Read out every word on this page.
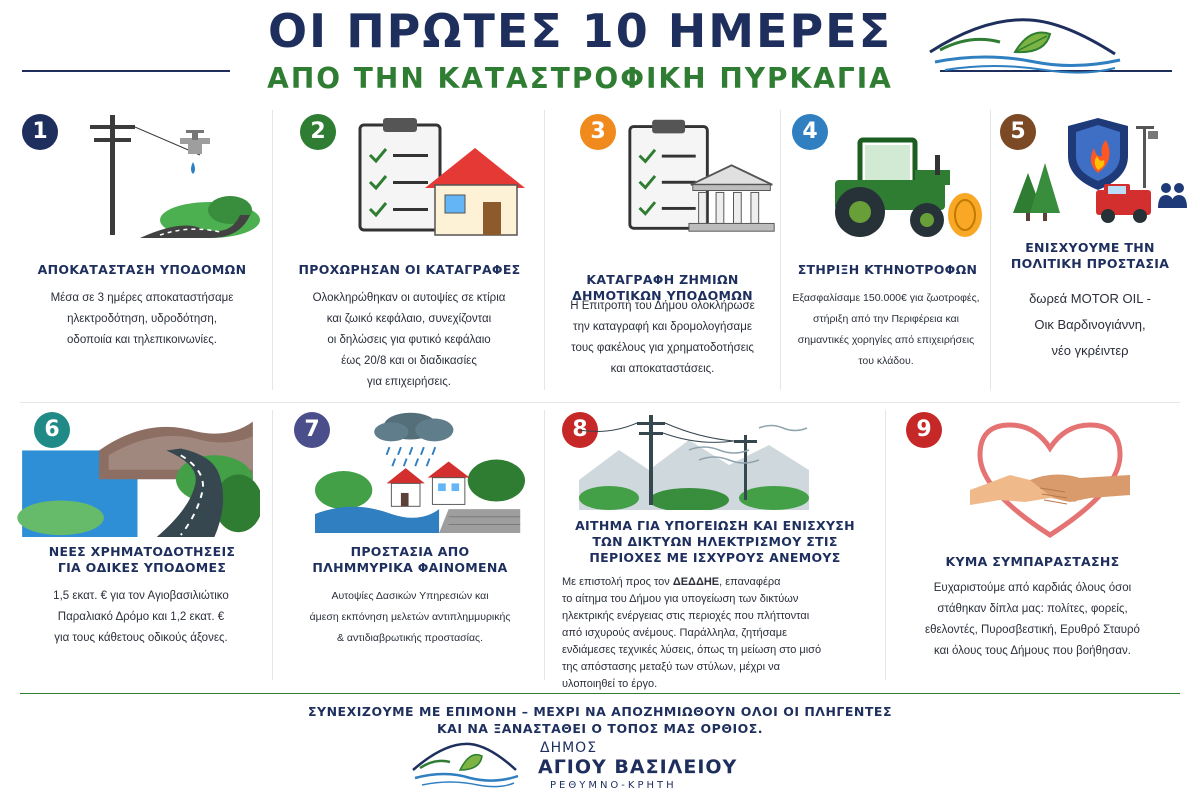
ΟΙ ΠΡΩΤΕΣ 10 ΗΜΕΡΕΣ
ΑΠΟ ΤΗΝ ΚΑΤΑΣΤΡΟΦΙΚΗ ΠΥΡΚΑΓΙΑ
1
ΑΠΟΚΑΤΑΣΤΑΣΗ ΥΠΟΔΟΜΩΝ
Μέσα σε 3 ημέρες αποκαταστήσαμε
ηλεκτροδότηση, υδροδότηση,
οδοποιία και τηλεπικοινωνίες.
2
ΠΡΟΧΩΡΗΣΑΝ ΟΙ ΚΑΤΑΓΡΑΦΕΣ
Ολοκληρώθηκαν οι αυτοψίες σε κτίρια
και ζωικό κεφάλαιο, συνεχίζονται
οι δηλώσεις για φυτικό κεφάλαιο
έως 20/8 και οι διαδικασίες
για επιχειρήσεις.
3
ΚΑΤΑΓΡΑΦΗ ΖΗΜΙΩΝ
ΔΗΜΟΤΙΚΩΝ ΥΠΟΔΟΜΩΝ
Η Επιτροπή του Δήμου ολοκλήρωσε
την καταγραφή και δρομολογήσαμε
τους φακέλους για χρηματοδοτήσεις
και αποκαταστάσεις.
4
ΣΤΗΡΙΞΗ ΚΤΗΝΟΤΡΟΦΩΝ
Εξασφαλίσαμε 150.000€ για ζωοτροφές,
στήριξη από την Περιφέρεια και
σημαντικές χορηγίες από επιχειρήσεις
του κλάδου.
5
ΕΝΙΣΧΥΟΥΜΕ ΤΗΝ
ΠΟΛΙΤΙΚΗ ΠΡΟΣΤΑΣΙΑ
δωρεά MOTOR OIL -
Οικ Βαρδινογιάννη,
νέο γκρέιντερ
6
ΝΕΕΣ ΧΡΗΜΑΤΟΔΟΤΗΣΕΙΣ
ΓΙΑ ΟΔΙΚΕΣ ΥΠΟΔΟΜΕΣ
1,5 εκατ. € για τον Αγιοβασιλιώτικο
Παραλιακό Δρόμο και 1,2 εκατ. €
για τους κάθετους οδικούς άξονες.
7
ΠΡΟΣΤΑΣΙΑ ΑΠΟ
ΠΛΗΜΜΥΡΙΚΑ ΦΑΙΝΟΜΕΝΑ
Αυτοψίες Δασικών Υπηρεσιών και
άμεση εκπόνηση μελετών αντιπλημμυρικής
& αντιδιαβρωτικής προστασίας.
8
ΑΙΤΗΜΑ ΓΙΑ ΥΠΟΓΕΙΩΣΗ ΚΑΙ ΕΝΙΣΧΥΣΗ
ΤΩΝ ΔΙΚΤΥΩΝ ΗΛΕΚΤΡΙΣΜΟΥ ΣΤΙΣ
ΠΕΡΙΟΧΕΣ ΜΕ ΙΣΧΥΡΟΥΣ ΑΝΕΜΟΥΣ
Με επιστολή προς τον ΔΕΔΔΗΕ, επαναφέρα
το αίτημα του Δήμου για υπογείωση των δικτύων
ηλεκτρικής ενέργειας στις περιοχές που πλήττονται
από ισχυρούς ανέμους. Παράλληλα, ζητήσαμε
ενδιάμεσες τεχνικές λύσεις, όπως τη μείωση στο μισό
της απόστασης μεταξύ των στύλων, μέχρι να
υλοποιηθεί το έργο.
9
ΚΥΜΑ ΣΥΜΠΑΡΑΣΤΑΣΗΣ
Ευχαριστούμε από καρδιάς όλους όσοι
στάθηκαν δίπλα μας: πολίτες, φορείς,
εθελοντές, Πυροσβεστική, Ερυθρό Σταυρό
και όλους τους Δήμους που βοήθησαν.
ΣΥΝΕΧΙΖΟΥΜΕ ΜΕ ΕΠΙΜΟΝΗ – ΜΕΧΡΙ ΝΑ ΑΠΟΖΗΜΙΩΘΟΥΝ ΟΛΟΙ ΟΙ ΠΛΗΓΕΝΤΕΣ
ΚΑΙ ΝΑ ΞΑΝΑΣΤΑΘΕΙ Ο ΤΟΠΟΣ ΜΑΣ ΟΡΘΙΟΣ.
ΔΗΜΟΣ
ΑΓΙΟΥ ΒΑΣΙΛΕΙΟΥ
ΡΕΘΥΜΝΟ-ΚΡΗΤΗ
